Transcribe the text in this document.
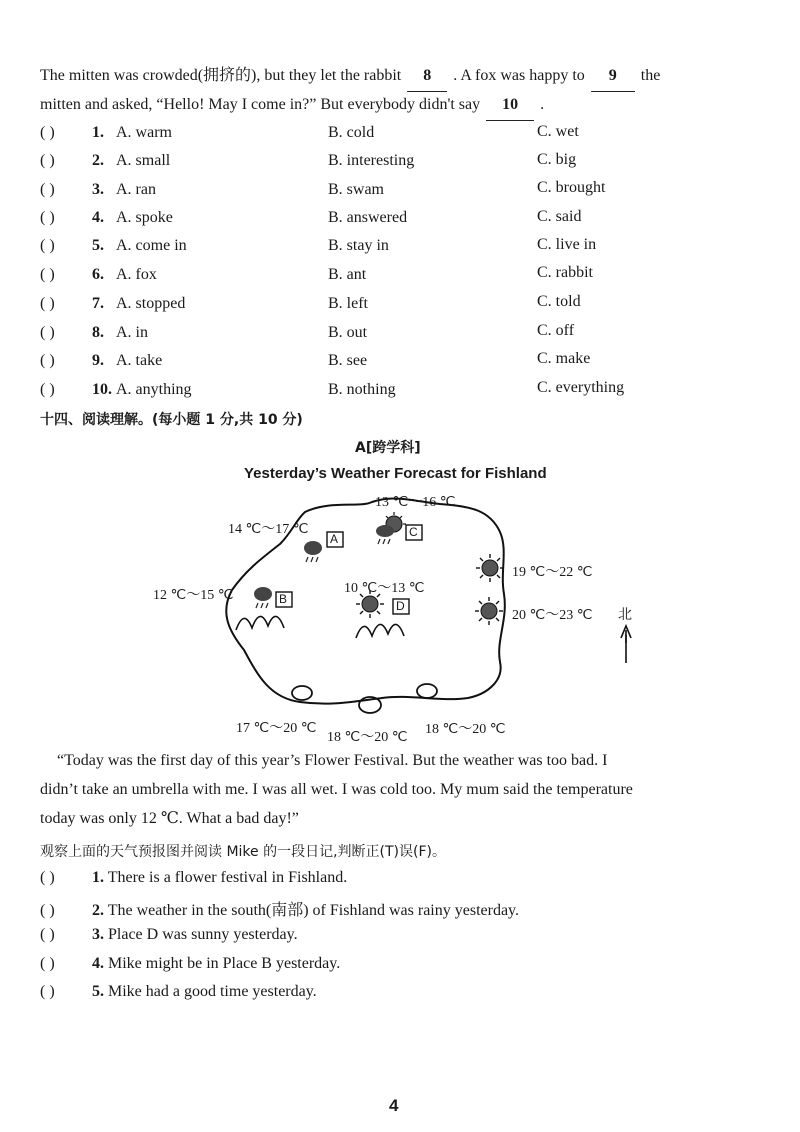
The mitten was crowded(拥挤的), but they let the rabbit 8 . A fox was happy to 9 the
mitten and asked, “Hello! May I come in?” But everybody didn't say 10 .
( ) 1. A. warm	B. cold	C. wet
( ) 2. A. small	B. interesting	C. big
( ) 3. A. ran	B. swam	C. brought
( ) 4. A. spoke	B. answered	C. said
( ) 5. A. come in	B. stay in	C. live in
( ) 6. A. fox	B. ant	C. rabbit
( ) 7. A. stopped	B. left	C. told
( ) 8. A. in	B. out	C. off
( ) 9. A. take	B. see	C. make
( ) 10. A. anything	B. nothing	C. everything
十四、阅读理解。(每小题 1 分,共 10 分)
A[跨学科]
Yesterday’s Weather Forecast for Fishland
14 ℃～17 ℃
13 ℃～16 ℃
12 ℃～15 ℃	10 ℃～13 ℃
19 ℃～22 ℃
20 ℃～23 ℃
17 ℃～20 ℃
18 ℃～20 ℃
18 ℃～20 ℃
A	C
B	D
北
“Today was the first day of this year’s Flower Festival. But the weather was too bad. I
didn’t take an umbrella with me. I was all wet. I was cold too. My mum said the temperature
today was only 12 ℃. What a bad day!”
观察上面的天气预报图并阅读 Mike 的一段日记,判断正(T)误(F)。
( ) 1. There is a flower festival in Fishland.
( ) 2. The weather in the south(南部) of Fishland was rainy yesterday.
( ) 3. Place D was sunny yesterday.
( ) 4. Mike might be in Place B yesterday.
( ) 5. Mike had a good time yesterday.
4
